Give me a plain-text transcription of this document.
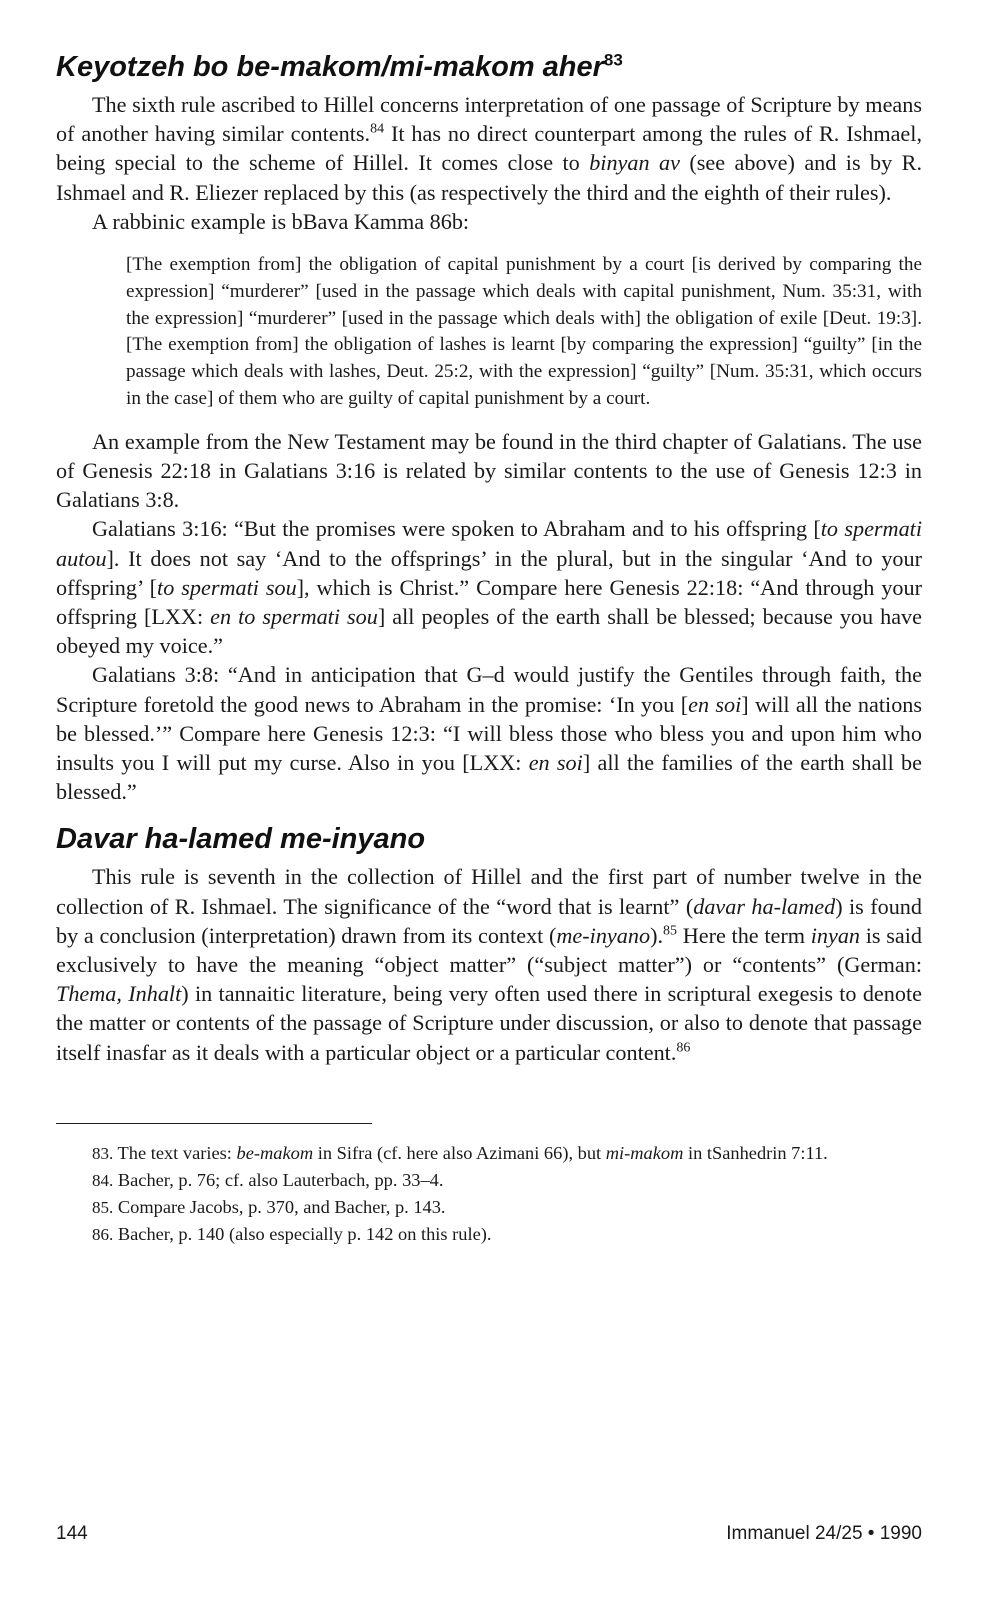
Keyotzeh bo be-makom/mi-makom aher$^{83}$

The sixth rule ascribed to Hillel concerns interpretation of one passage of Scripture by means of another having similar contents.$^{84}$ It has no direct counterpart among the rules of R. Ishmael, being special to the scheme of Hillel. It comes close to binyan av (see above) and is by R. Ishmael and R. Eliezer replaced by this (as respectively the third and the eighth of their rules).

A rabbinic example is bBava Kamma 86b:

[The exemption from] the obligation of capital punishment by a court [is derived by comparing the expression] “murderer” [used in the passage which deals with capital punishment, Num. 35:31, with the expression] “murderer” [used in the passage which deals with] the obligation of exile [Deut. 19:3]. [The exemption from] the obligation of lashes is learnt [by comparing the expression] “guilty” [in the passage which deals with lashes, Deut. 25:2, with the expression] “guilty” [Num. 35:31, which occurs in the case] of them who are guilty of capital punishment by a court.

An example from the New Testament may be found in the third chapter of Galatians. The use of Genesis 22:18 in Galatians 3:16 is related by similar contents to the use of Genesis 12:3 in Galatians 3:8.

Galatians 3:16: “But the promises were spoken to Abraham and to his offspring [to spermati autou]. It does not say ‘And to the offsprings’ in the plural, but in the singular ‘And to your offspring’ [to spermati sou], which is Christ.” Compare here Genesis 22:18: “And through your offspring [LXX: en to spermati sou] all peoples of the earth shall be blessed; because you have obeyed my voice.”

Galatians 3:8: “And in anticipation that G–d would justify the Gentiles through faith, the Scripture foretold the good news to Abraham in the promise: ‘In you [en soi] will all the nations be blessed.’” Compare here Genesis 12:3: “I will bless those who bless you and upon him who insults you I will put my curse. Also in you [LXX: en soi] all the families of the earth shall be blessed.”

Davar ha-lamed me-inyano

This rule is seventh in the collection of Hillel and the first part of number twelve in the collection of R. Ishmael. The significance of the “word that is learnt” (davar ha-lamed) is found by a conclusion (interpretation) drawn from its context (me-inyano).$^{85}$ Here the term inyan is said exclusively to have the meaning “object matter” (“subject matter”) or “contents” (German: Thema, Inhalt) in tannaitic literature, being very often used there in scriptural exegesis to denote the matter or contents of the passage of Scripture under discussion, or also to denote that passage itself inasfar as it deals with a particular object or a particular content.$^{86}$

83. The text varies: be-makom in Sifra (cf. here also Azimani 66), but mi-makom in tSanhedrin 7:11.

84. Bacher, p. 76; cf. also Lauterbach, pp. 33–4.

85. Compare Jacobs, p. 370, and Bacher, p. 143.

86. Bacher, p. 140 (also especially p. 142 on this rule).

144	Immanuel 24/25 • 1990
